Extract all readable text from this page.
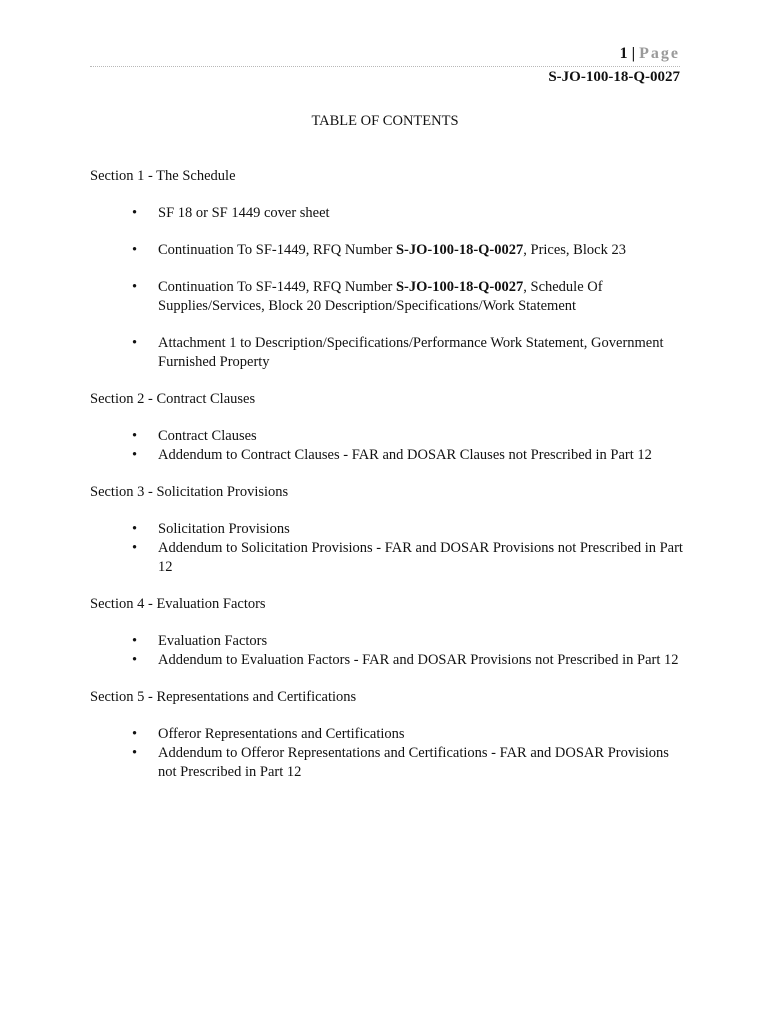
1 | Page
S-JO-100-18-Q-0027
TABLE OF CONTENTS

Section 1 - The Schedule

• SF 18 or SF 1449 cover sheet
• Continuation To SF-1449, RFQ Number S-JO-100-18-Q-0027, Prices, Block 23
• Continuation To SF-1449, RFQ Number S-JO-100-18-Q-0027, Schedule Of Supplies/Services, Block 20 Description/Specifications/Work Statement
• Attachment 1 to Description/Specifications/Performance Work Statement, Government Furnished Property

Section 2 - Contract Clauses

• Contract Clauses
• Addendum to Contract Clauses - FAR and DOSAR Clauses not Prescribed in Part 12

Section 3 - Solicitation Provisions

• Solicitation Provisions
• Addendum to Solicitation Provisions - FAR and DOSAR Provisions not Prescribed in Part 12

Section 4 - Evaluation Factors

• Evaluation Factors
• Addendum to Evaluation Factors - FAR and DOSAR Provisions not Prescribed in Part 12

Section 5 - Representations and Certifications

• Offeror Representations and Certifications
• Addendum to Offeror Representations and Certifications - FAR and DOSAR Provisions not Prescribed in Part 12
